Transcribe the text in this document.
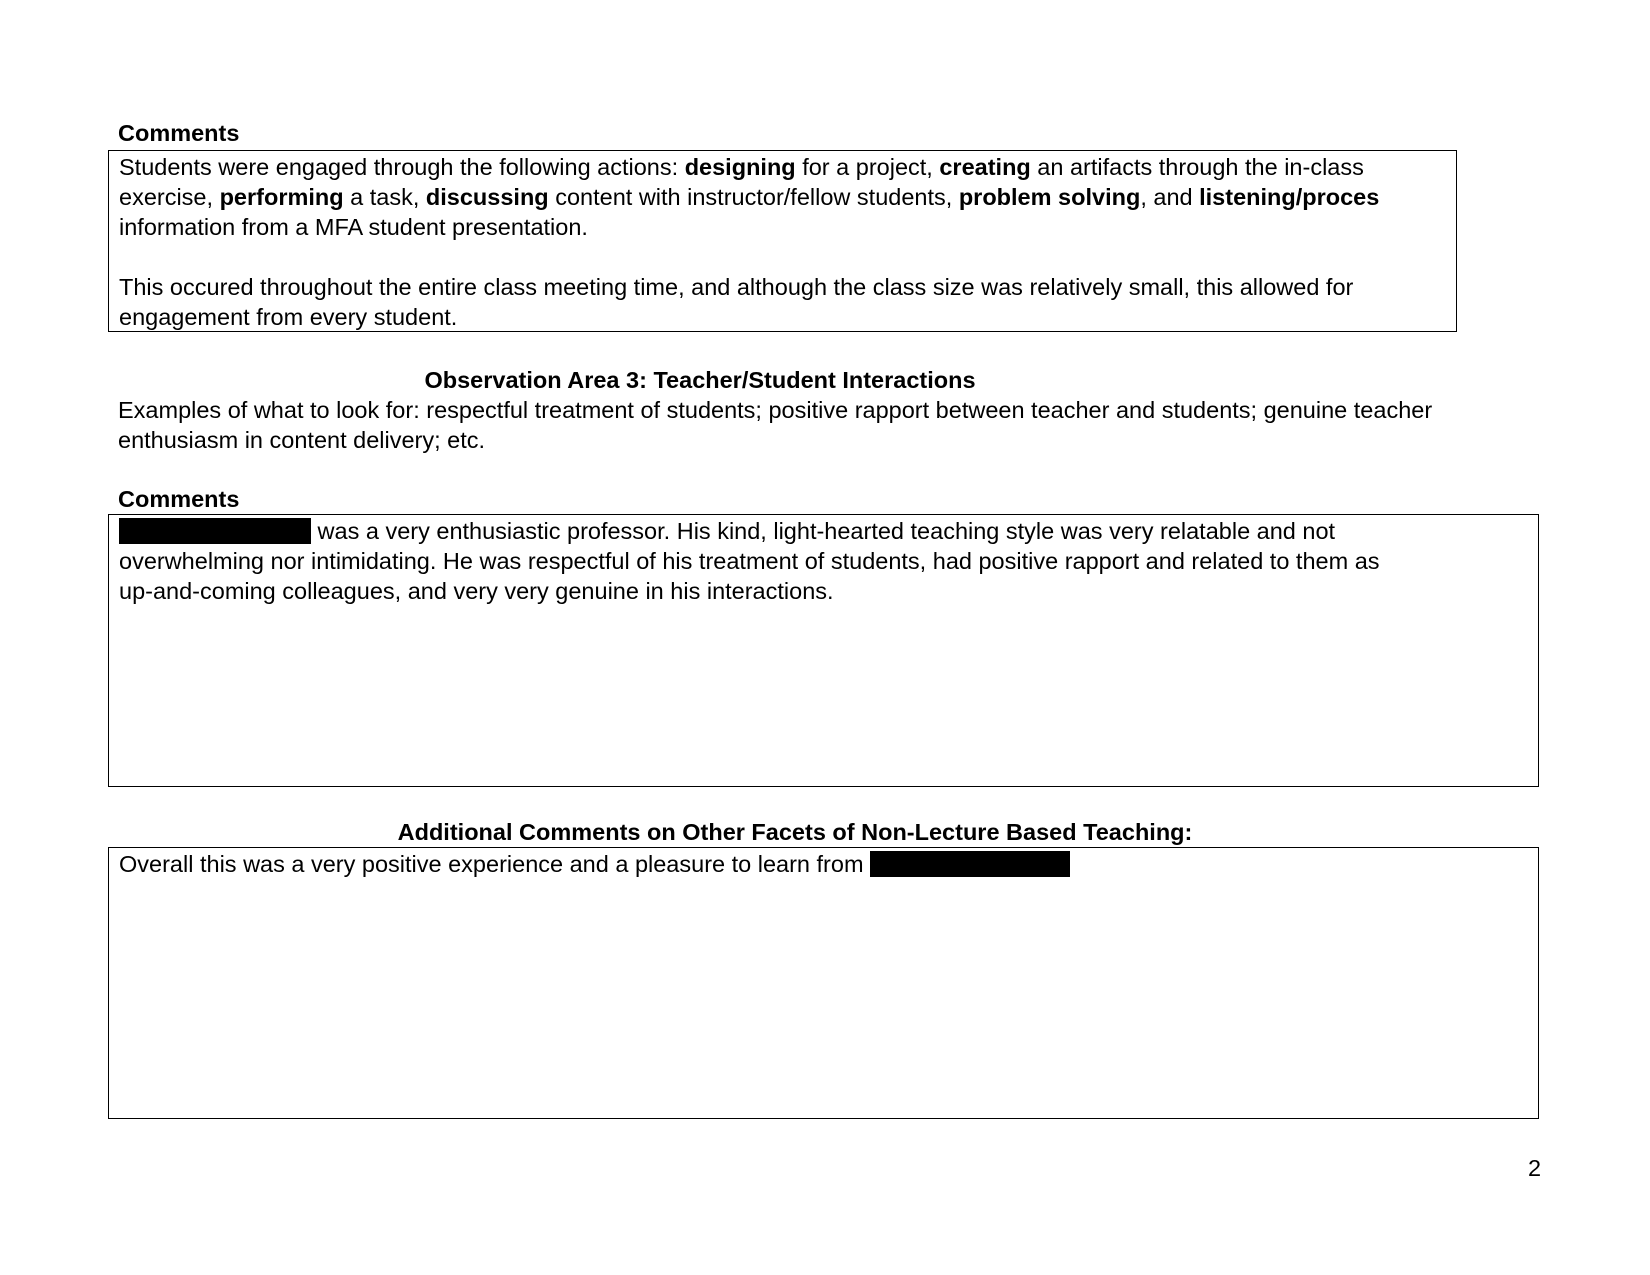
Comments
Students were engaged through the following actions: designing for a project, creating an artifacts through the in-class
exercise, performing a task, discussing content with instructor/fellow students, problem solving, and listening/proces
information from a MFA student presentation.
This occured throughout the entire class meeting time, and although the class size was relatively small, this allowed for
engagement from every student.
Observation Area 3: Teacher/Student Interactions
Examples of what to look for: respectful treatment of students; positive rapport between teacher and students; genuine teacher
enthusiasm in content delivery; etc.
Comments
was a very enthusiastic professor. His kind, light-hearted teaching style was very relatable and not
overwhelming nor intimidating. He was respectful of his treatment of students, had positive rapport and related to them as
up-and-coming colleagues, and very very genuine in his interactions.
Additional Comments on Other Facets of Non-Lecture Based Teaching:
Overall this was a very positive experience and a pleasure to learn from
2
